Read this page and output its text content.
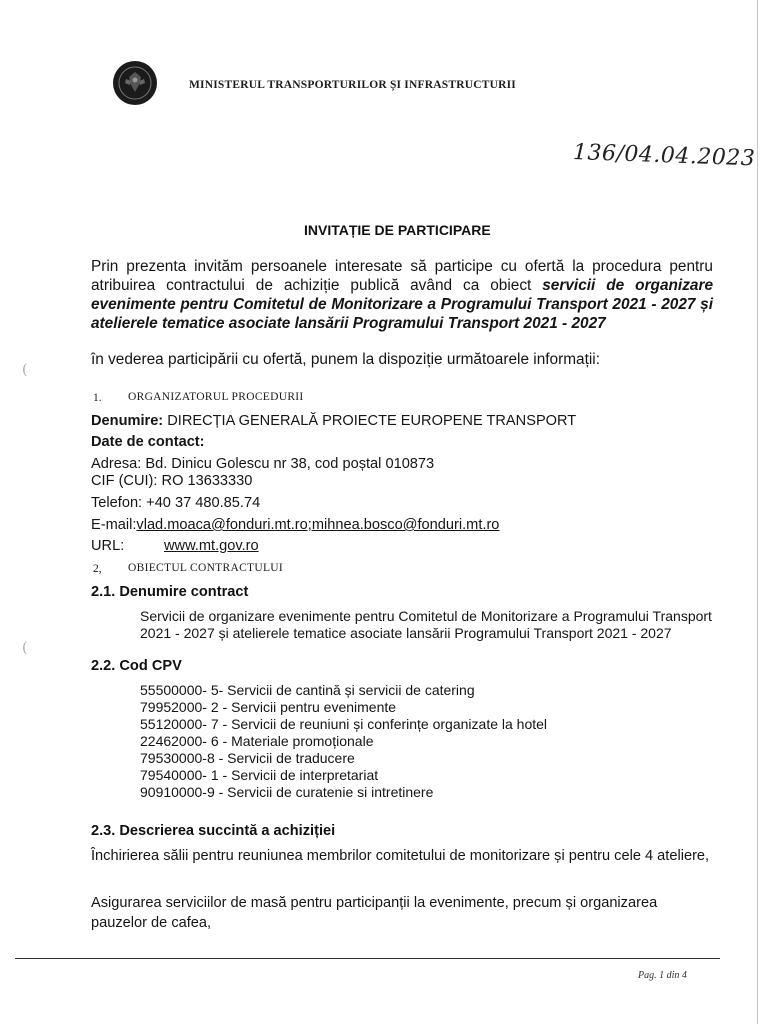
MINISTERUL TRANSPORTURILOR ȘI INFRASTRUCTURII
136/04.04.2023
INVITAȚIE DE PARTICIPARE
Prin prezenta invităm persoanele interesate să participe cu ofertă la procedura pentru atribuirea contractului de achiziție publică având ca obiect servicii de organizare evenimente pentru Comitetul de Monitorizare a Programului Transport 2021 - 2027 și atelierele tematice asociate lansării Programului Transport 2021 - 2027
(
în vederea participării cu ofertă, punem la dispoziție următoarele informații:
1. ORGANIZATORUL PROCEDURII
Denumire: DIRECȚIA GENERALĂ PROIECTE EUROPENE TRANSPORT
Date de contact:
Adresa: Bd. Dinicu Golescu nr 38, cod poștal 010873
CIF (CUI): RO 13633330
Telefon: +40 37 480.85.74
E-mail:vlad.moaca@fonduri.mt.ro;mihnea.bosco@fonduri.mt.ro
URL:	www.mt.gov.ro
2, OBIECTUL CONTRACTULUI
2.1. Denumire contract
Servicii de organizare evenimente pentru Comitetul de Monitorizare a Programului Transport 2021 - 2027 și atelierele tematice asociate lansării Programului Transport 2021 - 2027
(
2.2. Cod CPV
55500000- 5- Servicii de cantină și servicii de catering
79952000- 2 - Servicii pentru evenimente
55120000- 7 - Servicii de reuniuni și conferințe organizate la hotel
22462000- 6 - Materiale promoționale
79530000-8 - Servicii de traducere
79540000- 1 - Servicii de interpretariat
90910000-9 - Servicii de curatenie si intretinere
2.3. Descrierea succintă a achiziției
Închirierea sălii pentru reuniunea membrilor comitetului de monitorizare și pentru cele 4 ateliere,
Asigurarea serviciilor de masă pentru participanții la evenimente, precum și organizarea pauzelor de cafea,
Pag. 1 din 4
